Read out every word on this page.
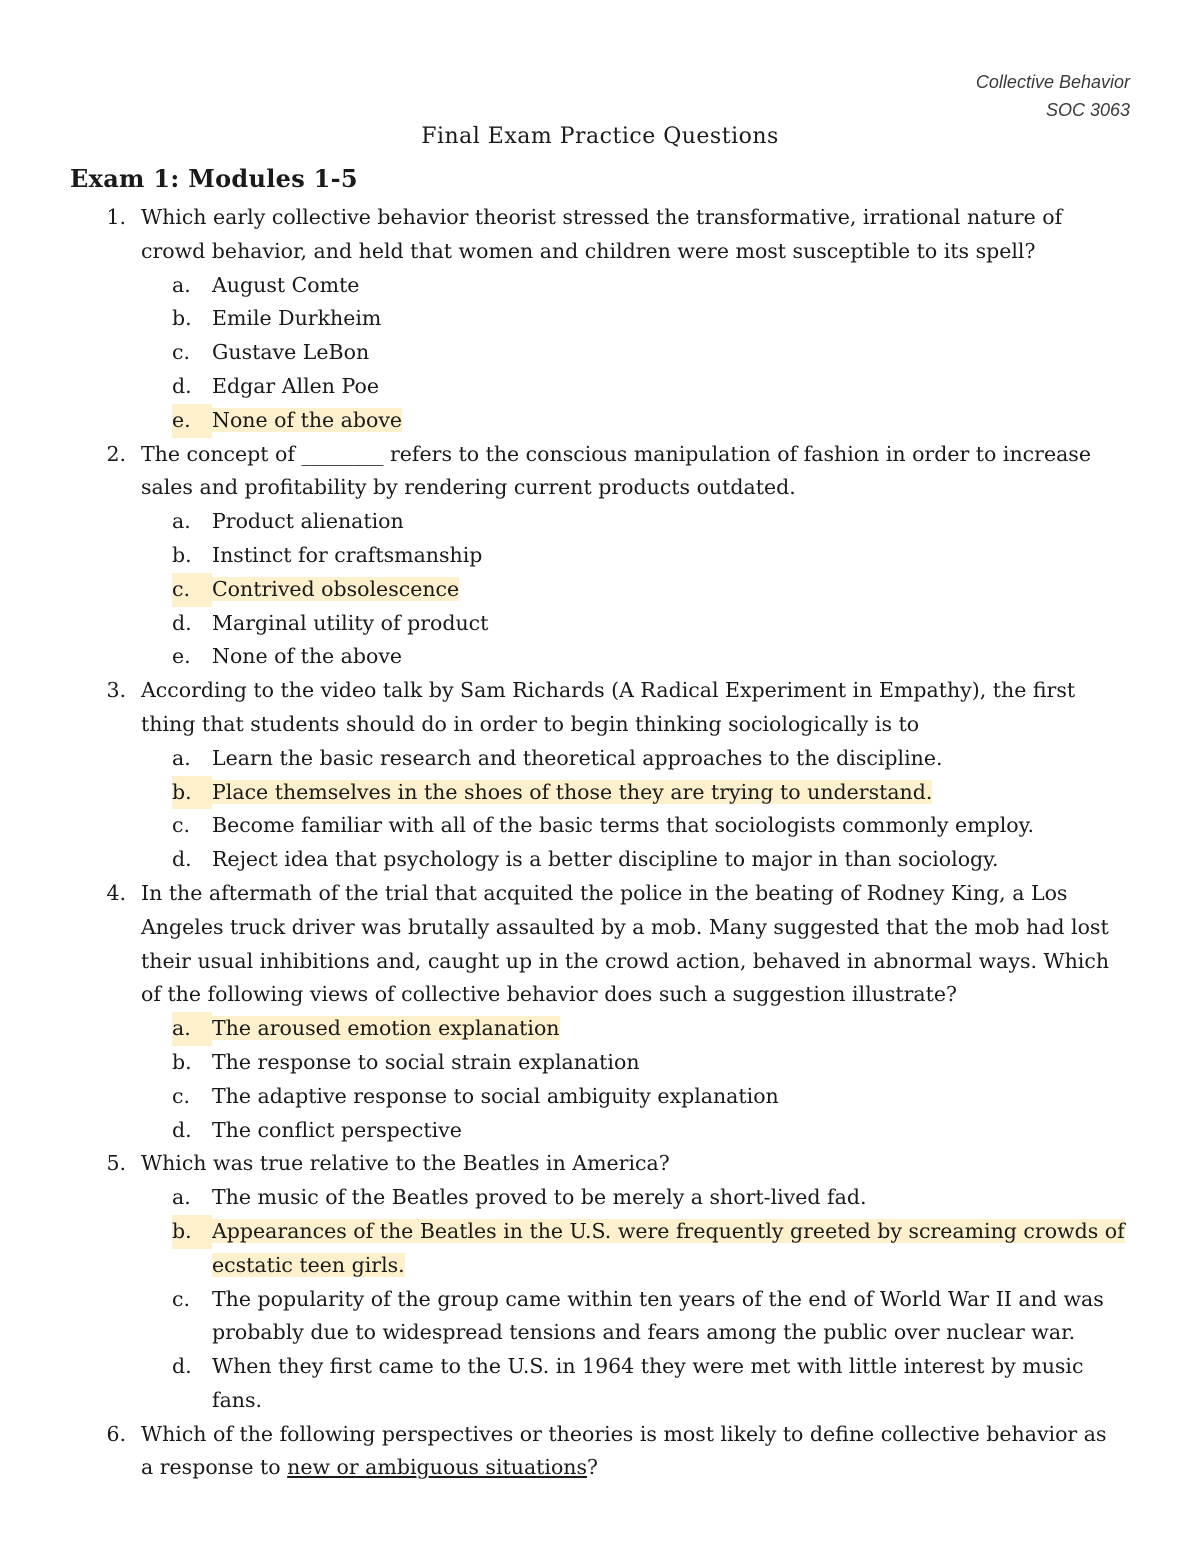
Collective Behavior
SOC 3063
Final Exam Practice Questions
Exam 1: Modules 1-5
1. Which early collective behavior theorist stressed the transformative, irrational nature of crowd behavior, and held that women and children were most susceptible to its spell?
a.	August Comte
b. Emile Durkheim
c.	Gustave LeBon
d. Edgar Allen Poe
e.	None of the above
2. The concept of ________ refers to the conscious manipulation of fashion in order to increase sales and profitability by rendering current products outdated.
a.	Product alienation
b. Instinct for craftsmanship
c.	Contrived obsolescence
d. Marginal utility of product
e.	None of the above
3. According to the video talk by Sam Richards (A Radical Experiment in Empathy), the first thing that students should do in order to begin thinking sociologically is to
a.	Learn the basic research and theoretical approaches to the discipline.
b. Place themselves in the shoes of those they are trying to understand.
c.	Become familiar with all of the basic terms that sociologists commonly employ.
d. Reject idea that psychology is a better discipline to major in than sociology.
4. In the aftermath of the trial that acquited the police in the beating of Rodney King, a Los Angeles truck driver was brutally assaulted by a mob. Many suggested that the mob had lost their usual inhibitions and, caught up in the crowd action, behaved in abnormal ways. Which of the following views of collective behavior does such a suggestion illustrate?
a.	The aroused emotion explanation
b. The response to social strain explanation
c.	The adaptive response to social ambiguity explanation
d. The conflict perspective
5. Which was true relative to the Beatles in America?
a.	The music of the Beatles proved to be merely a short-lived fad.
b. Appearances of the Beatles in the U.S. were frequently greeted by screaming crowds of ecstatic teen girls.
c.	The popularity of the group came within ten years of the end of World War II and was probably due to widespread tensions and fears among the public over nuclear war.
d. When they first came to the U.S. in 1964 they were met with little interest by music fans.
6. Which of the following perspectives or theories is most likely to define collective behavior as a response to new or ambiguous situations?
